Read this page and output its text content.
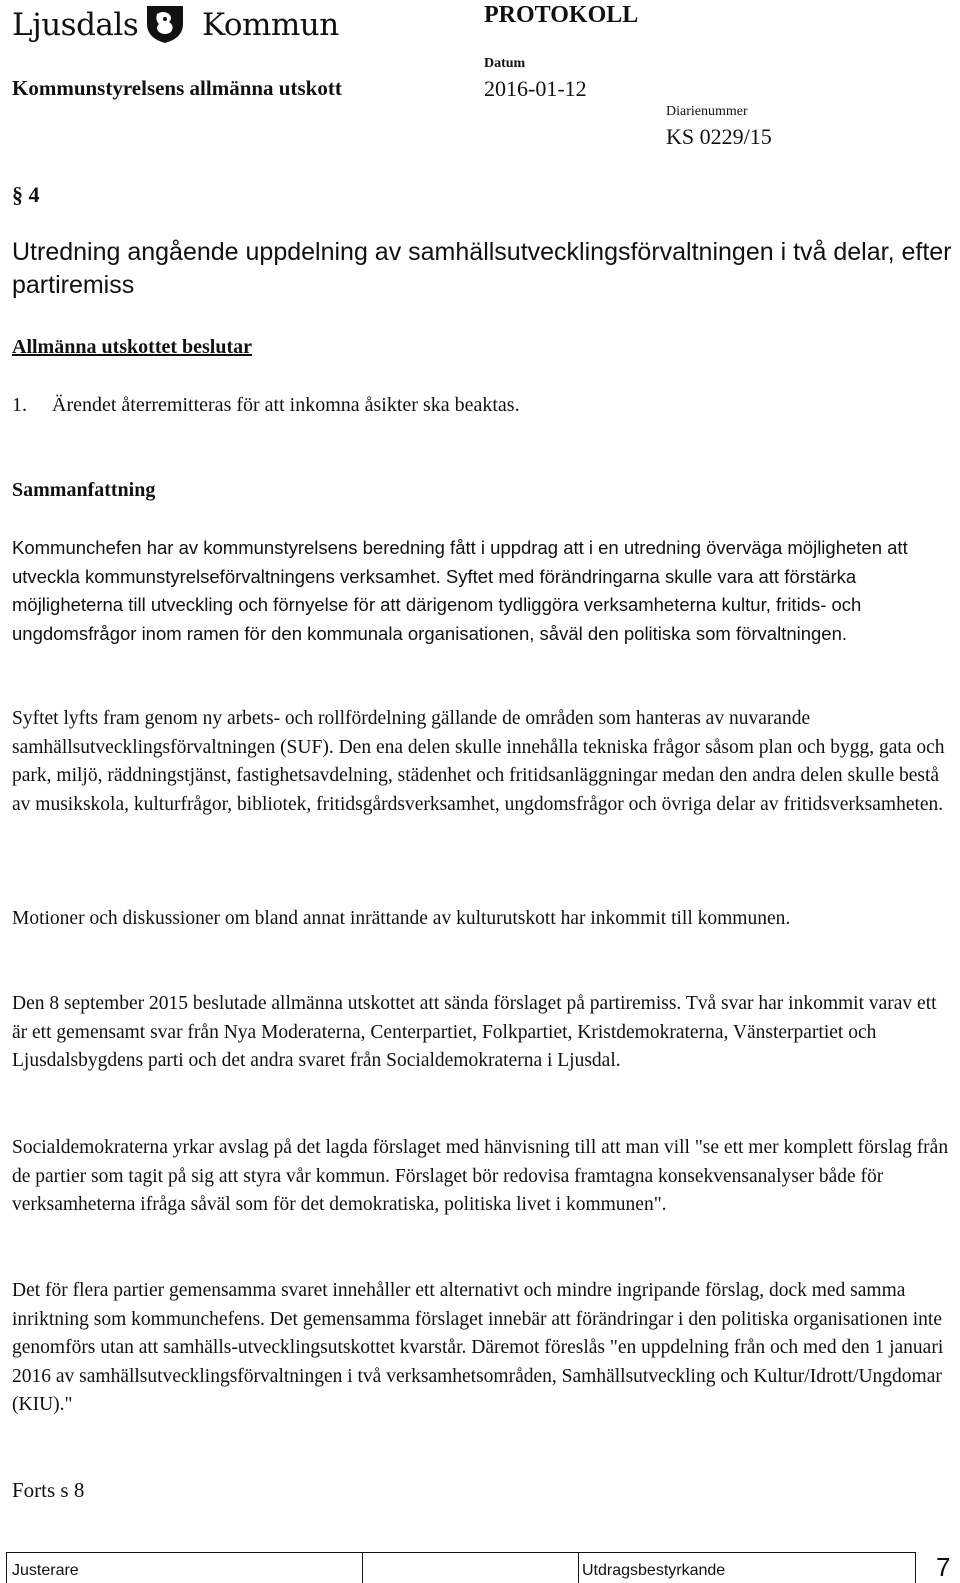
Ljusdals Kommun	PROTOKOLL
Kommunstyrelsens allmänna utskott
Datum
2016-01-12
Diarienummer
KS 0229/15
§ 4
Utredning angående uppdelning av samhällsutvecklingsförvaltningen i två delar, efter partiremiss
Allmänna utskottet beslutar
1. Ärendet återremitteras för att inkomna åsikter ska beaktas.
Sammanfattning
Kommunchefen har av kommunstyrelsens beredning fått i uppdrag att i en utredning överväga möjligheten att utveckla kommunstyrelseförvaltningens verksamhet. Syftet med förändringarna skulle vara att förstärka möjligheterna till utveckling och förnyelse för att därigenom tydliggöra verksamheterna kultur, fritids- och ungdomsfrågor inom ramen för den kommunala organisationen, såväl den politiska som förvaltningen.
Syftet lyfts fram genom ny arbets- och rollfördelning gällande de områden som hanteras av nuvarande samhällsutvecklingsförvaltningen (SUF). Den ena delen skulle innehålla tekniska frågor såsom plan och bygg, gata och park, miljö, räddningstjänst, fastighetsavdelning, städenhet och fritidsanläggningar medan den andra delen skulle bestå av musikskola, kulturfrågor, bibliotek, fritidsgårdsverksamhet, ungdomsfrågor och övriga delar av fritidsverksamheten.
Motioner och diskussioner om bland annat inrättande av kulturutskott har inkommit till kommunen.
Den 8 september 2015 beslutade allmänna utskottet att sända förslaget på partiremiss. Två svar har inkommit varav ett är ett gemensamt svar från Nya Moderaterna, Centerpartiet, Folkpartiet, Kristdemokraterna, Vänsterpartiet och Ljusdalsbygdens parti och det andra svaret från Socialdemokraterna i Ljusdal.
Socialdemokraterna yrkar avslag på det lagda förslaget med hänvisning till att man vill "se ett mer komplett förslag från de partier som tagit på sig att styra vår kommun. Förslaget bör redovisa framtagna konsekvensanalyser både för verksamheterna ifråga såväl som för det demokratiska, politiska livet i kommunen".
Det för flera partier gemensamma svaret innehåller ett alternativt och mindre ingripande förslag, dock med samma inriktning som kommunchefens. Det gemensamma förslaget innebär att förändringar i den politiska organisationen inte genomförs utan att samhälls-utvecklingsutskottet kvarstår. Däremot föreslås "en uppdelning från och med den 1 januari 2016 av samhällsutvecklingsförvaltningen i två verksamhetsområden, Samhällsutveckling och Kultur/Idrott/Ungdomar (KIU)."
Forts s 8
Justerare	Utdragsbestyrkande	7
